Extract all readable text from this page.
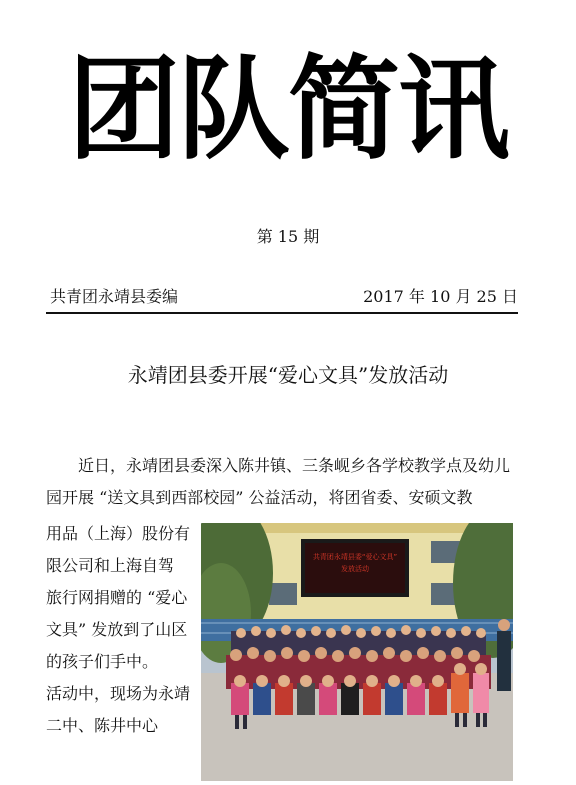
团队简讯
第 15 期
共青团永靖县委编	2017 年 10 月 25 日
永靖团县委开展“爱心文具”发放活动
近日，永靖团县委深入陈井镇、三条岘乡各学校教学点及幼儿园开展 “送文具到西部校园” 公益活动，将团省委、安硕文教
用品（上海）股份有
限公司和上海自驾
旅行网捐赠的 “爱心
文具” 发放到了山区
的孩子们手中。
活动中，现场为永靖
二中、陈井中心
共青团永靖县委“爱心文具”
发放活动
